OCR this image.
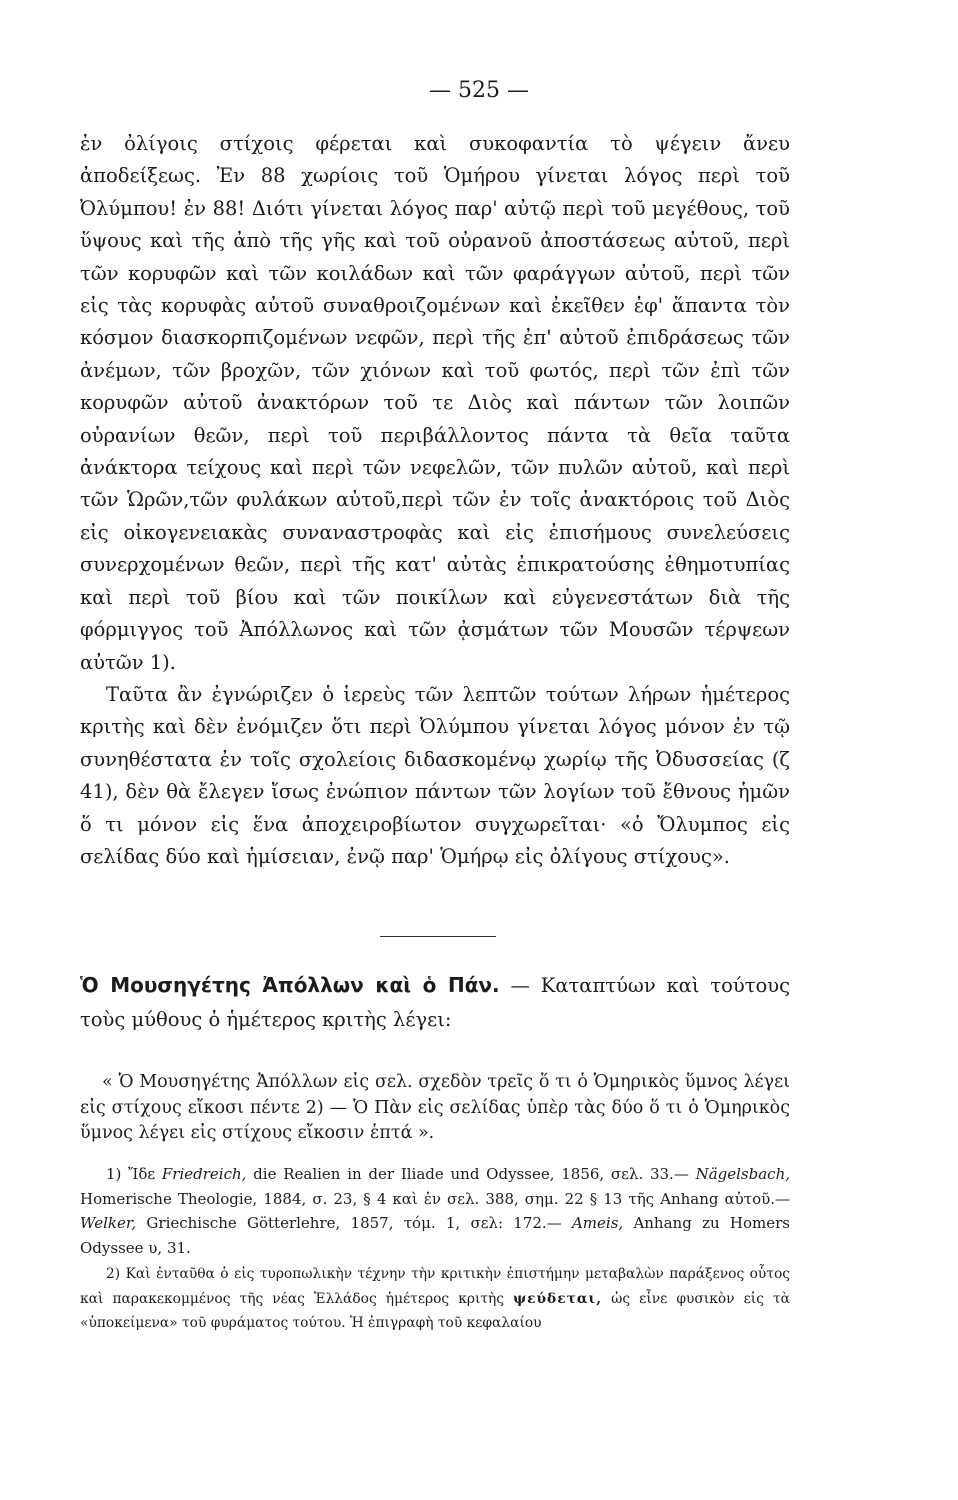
— 525 —

ἐν ὀλίγοις στίχοις φέρεται καὶ συκοφαντία τὸ ψέγειν ἄνευ ἀποδείξεως. Ἐν 88 χωρίοις τοῦ Ὁμήρου γίνεται λόγος περὶ τοῦ Ὀλύμπου! ἐν 88! Διότι γίνεται λόγος παρ' αὐτῷ περὶ τοῦ μεγέθους, τοῦ ὕψους καὶ τῆς ἀπὸ τῆς γῆς καὶ τοῦ οὐρανοῦ ἀποστάσεως αὐτοῦ, περὶ τῶν κορυφῶν καὶ τῶν κοιλάδων καὶ τῶν φαράγγων αὐτοῦ, περὶ τῶν εἰς τὰς κορυφὰς αὐτοῦ συναθροιζομένων καὶ ἐκεῖθεν ἐφ' ἅπαντα τὸν κόσμον διασκορπιζομένων νεφῶν, περὶ τῆς ἐπ' αὐτοῦ ἐπιδράσεως τῶν ἀνέμων, τῶν βροχῶν, τῶν χιόνων καὶ τοῦ φωτός, περὶ τῶν ἐπὶ τῶν κορυφῶν αὐτοῦ ἀνακτόρων τοῦ τε Διὸς καὶ πάντων τῶν λοιπῶν οὐρανίων θεῶν, περὶ τοῦ περιβάλλοντος πάντα τὰ θεῖα ταῦτα ἀνάκτορα τείχους καὶ περὶ τῶν νεφελῶν, τῶν πυλῶν αὐτοῦ, καὶ περὶ τῶν Ὡρῶν,τῶν φυλάκων αὐτοῦ,περὶ τῶν ἐν τοῖς ἀνακτόροις τοῦ Διὸς εἰς οἰκογενειακὰς συναναστροφὰς καὶ εἰς ἐπισήμους συνελεύσεις συνερχομένων θεῶν, περὶ τῆς κατ' αὐτὰς ἐπικρατούσης ἐθημοτυπίας καὶ περὶ τοῦ βίου καὶ τῶν ποικίλων καὶ εὐγενεστάτων διὰ τῆς φόρμιγγος τοῦ Ἀπόλλωνος καὶ τῶν ᾀσμάτων τῶν Μουσῶν τέρψεων αὐτῶν 1).

Ταῦτα ἂν ἐγνώριζεν ὁ ἱερεὺς τῶν λεπτῶν τούτων λήρων ἡμέτερος κριτὴς καὶ δὲν ἐνόμιζεν ὅτι περὶ Ὀλύμπου γίνεται λόγος μόνον ἐν τῷ συνηθέστατα ἐν τοῖς σχολείοις διδασκομένῳ χωρίῳ τῆς Ὀδυσσείας (ζ 41), δὲν θὰ ἔλεγεν ἴσως ἐνώπιον πάντων τῶν λογίων τοῦ ἔθνους ἡμῶν ὅ τι μόνον εἰς ἕνα ἀποχειροβίωτον συγχωρεῖται· «ὁ Ὄλυμπος εἰς σελίδας δύο καὶ ἡμίσειαν, ἐνῷ παρ' Ὁμήρῳ εἰς ὀλίγους στίχους».

Ὁ Μουσηγέτης Ἀπόλλων καὶ ὁ Πάν. — Καταπτύων καὶ τούτους τοὺς μύθους ὁ ἡμέτερος κριτὴς λέγει:
« Ὁ Μουσηγέτης Ἀπόλλων εἰς σελ. σχεδὸν τρεῖς ὅ τι ὁ Ὁμηρικὸς ὕμνος λέγει εἰς στίχους εἴκοσι πέντε 2) — Ὁ Πὰν εἰς σελίδας ὑπὲρ τὰς δύο ὅ τι ὁ Ὁμηρικὸς ὕμνος λέγει εἰς στίχους εἴκοσιν ἑπτά ».

1) Ἴδε Friedreich, die Realien in der Iliade und Odyssee, 1856, σελ. 33.— Nägelsbach, Homerische Theologie, 1884, σ. 23, § 4 καὶ ἐν σελ. 388, σημ. 22 § 13 τῆς Anhang αὐτοῦ.— Welker, Griechische Götterlehre, 1857, τόμ. 1, σελ: 172.— Ameis, Anhang zu Homers Odyssee υ, 31.

2) Καὶ ἐνταῦθα ὁ εἰς τυροπωλικὴν τέχνην τὴν κριτικὴν ἐπιστήμην μεταβαλὼν παράξενος οὗτος καὶ παρακεκομμένος τῆς νέας Ἑλλάδος ἡμέτερος κριτὴς ψεύδεται, ὡς εἶνε φυσικὸν εἰς τὰ «ὑποκείμενα» τοῦ φυράματος τούτου. Ἡ ἐπιγραφὴ τοῦ κεφαλαίου
